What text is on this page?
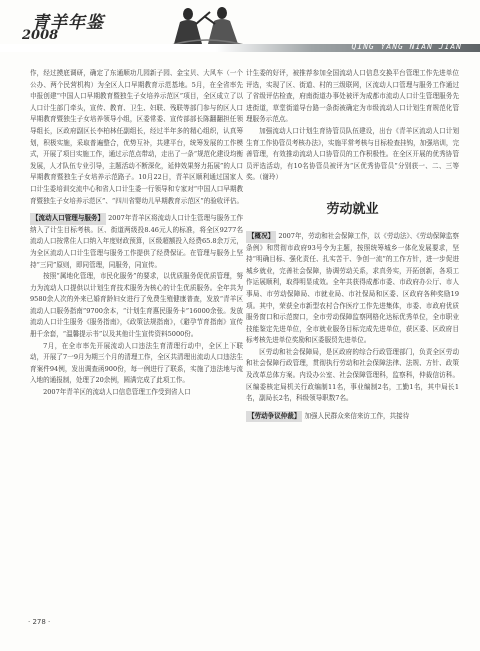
青羊年鉴
2008
QING YANG NIAN JIAN

作，经过摸底调研，确定了东通顺功几园新子园、金宝贝、大风车（一个公办、两个民营机构）为全区人口早期教育示范基地。5月，在全省率先申报创建“中国人口早期教育暨独生子女培养示范区”项目，全区成立了以人口计生部门牵头，宣传、教育、卫生、妇联、残联等部门参与的区人口早期教育暨独生子女培养领导小组，区委常委、宣传部部长陈翻翻担任领导组长，区政府副区长李柏林任副组长，经过半年多的精心组织，认真筹划，积极实施，采取普遍整合，优势互补，共建平台，统筹发展的工作模式，开展了项目实施工作，通过示范点带动，走出了一条“规范化建设均衡发展，人才队伍专业引导，主题活动不断深化，延伸效果努力拓展”的人口早期教育暨独生子女培养示范路子。10月22日，青羊区顺利通过国家人口计生委培训交流中心和省人口计生委一行领导和专家对“中国人口早期教育暨独生子女培养示范区”、“四川省婴幼儿早期教育示范区”的验收评估。

【流动人口管理与服务】 2007年青羊区将流动人口计生管理与服务工作纳入了计生目标考核。区、街道两级投8.46元人的标准，将全区9277名流动人口按常住人口纳入年度财政预算，区级超额投入经费65.8余万元，为全区流动人口计生管理与服务工作提供了经费保证。在管理与服务上坚持“三同”原则，即同管理，同服务，同宣传。

按照“属地化管理，市民化服务”的要求，以优质服务促优质管理，努力为流动人口提供以计划生育技术服务为核心的计生优质服务。全年共为9580余人次的外来已婚育龄妇女进行了免费生殖健康普查，发放“青羊区流动人口服务指南”9700余本，“计划生育惠民服务卡”16000余张。发放流动人口计生服务《服务指南》，《政策法规指南》，《避孕节育指南》宣传册千余套，“温馨提示书”以及其他计生宣传资料5000份。

7月，在全市率先开展流动人口违法生育清理行动中，全区上下联动，开展了7一9月为期三个月的清理工作，全区共清理出流动人口违法生育案件94例，发出调查函900份，每一例进行了联系，实施了违法地与流入地的通报制，处理了20余例，圆满完成了此项工作。

2007年青羊区的流动人口信息管理工作受到省人口

计生委的好评，被推荐参加全国流动人口信息交换平台管理工作先进单位评选，实现了区、街道、村的三级联网，区流动人口管理与服务工作通过了省级评估检查，府南街道办事处被评为成都市流动人口计生管理服务先进街道，草堂街道导台路一条街被确定为市级流动人口计划生育规范化管理服务示范点。

加强流动人口计划生育协管员队伍建设，出台《青羊区流动人口计划生育工作协管员考核办法》，实施平常考核与目标检查挂钩，加强培训，完善管理，有效推动流动人口协管员的工作积极性。在全区开展的优秀协管员评选活动，有10名协管员被评为“区优秀协管员”分别获一、二、三等奖。（谢玲）

劳动就业

【概况】 2007年，劳动和社会保障工作，以《劳动法》、《劳动保障监察条例》和贯彻市政府93号令为主题，按照统筹城乡一体化发展要求，坚持“明确目标、强化责任、扎实苦干、争创一流”的工作方针，进一步促进城乡就业，完善社会保障，协调劳动关系，求真务实，开拓创新，各项工作运展顺利，取得明显成效。全年共获得成都市委、市政府办公厅、市人事局、市劳动保障局、市就业局、市社保局和区委、区政府各种奖励19项。其中，荣获全市新型农村合作医疗工作先进集体，市委、市政府优质服务窗口和示范窗口，全市劳动保障监察网格化达标优秀单位，全市职业技能鉴定先进单位，全市就业服务目标完成先进单位，获区委、区政府目标考核先进单位奖励和区委服贸先进单位。

区劳动和社会保障局，是区政府的综合行政管理部门，负责全区劳动和社会保障行政管理，贯彻执行劳动和社会保障法律、法规、方针、政策及改革总体方案。内设办公室、社会保障管理科，监察科，仲裁信访科。区编委核定局机关行政编制11名，事业编制2名，工勤1名，其中局长1名，副局长2名，科级领导职数7名。

【劳动争议仲裁】 加强人民群众来信来访工作，共接待

· 278 ·
